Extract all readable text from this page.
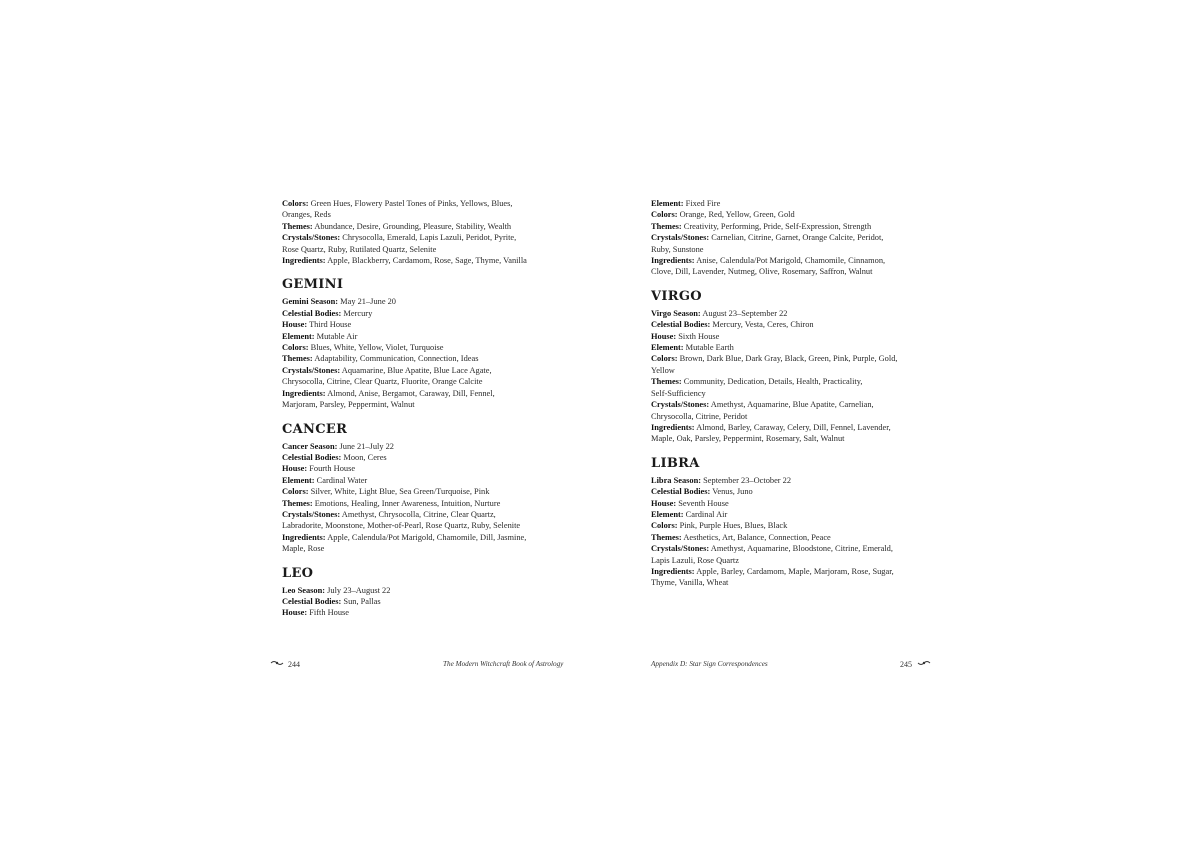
Colors: Green Hues, Flowery Pastel Tones of Pinks, Yellows, Blues,
Oranges, Reds
Themes: Abundance, Desire, Grounding, Pleasure, Stability, Wealth
Crystals/Stones: Chrysocolla, Emerald, Lapis Lazuli, Peridot, Pyrite,
Rose Quartz, Ruby, Rutilated Quartz, Selenite
Ingredients: Apple, Blackberry, Cardamom, Rose, Sage, Thyme, Vanilla
GEMINI
Gemini Season: May 21–June 20
Celestial Bodies: Mercury
House: Third House
Element: Mutable Air
Colors: Blues, White, Yellow, Violet, Turquoise
Themes: Adaptability, Communication, Connection, Ideas
Crystals/Stones: Aquamarine, Blue Apatite, Blue Lace Agate,
Chrysocolla, Citrine, Clear Quartz, Fluorite, Orange Calcite
Ingredients: Almond, Anise, Bergamot, Caraway, Dill, Fennel,
Marjoram, Parsley, Peppermint, Walnut
CANCER
Cancer Season: June 21–July 22
Celestial Bodies: Moon, Ceres
House: Fourth House
Element: Cardinal Water
Colors: Silver, White, Light Blue, Sea Green/Turquoise, Pink
Themes: Emotions, Healing, Inner Awareness, Intuition, Nurture
Crystals/Stones: Amethyst, Chrysocolla, Citrine, Clear Quartz,
Labradorite, Moonstone, Mother-of-Pearl, Rose Quartz, Ruby, Selenite
Ingredients: Apple, Calendula/Pot Marigold, Chamomile, Dill, Jasmine,
Maple, Rose
LEO
Leo Season: July 23–August 22
Celestial Bodies: Sun, Pallas
House: Fifth House
Element: Fixed Fire
Colors: Orange, Red, Yellow, Green, Gold
Themes: Creativity, Performing, Pride, Self-Expression, Strength
Crystals/Stones: Carnelian, Citrine, Garnet, Orange Calcite, Peridot,
Ruby, Sunstone
Ingredients: Anise, Calendula/Pot Marigold, Chamomile, Cinnamon,
Clove, Dill, Lavender, Nutmeg, Olive, Rosemary, Saffron, Walnut
VIRGO
Virgo Season: August 23–September 22
Celestial Bodies: Mercury, Vesta, Ceres, Chiron
House: Sixth House
Element: Mutable Earth
Colors: Brown, Dark Blue, Dark Gray, Black, Green, Pink, Purple, Gold,
Yellow
Themes: Community, Dedication, Details, Health, Practicality,
Self-Sufficiency
Crystals/Stones: Amethyst, Aquamarine, Blue Apatite, Carnelian,
Chrysocolla, Citrine, Peridot
Ingredients: Almond, Barley, Caraway, Celery, Dill, Fennel, Lavender,
Maple, Oak, Parsley, Peppermint, Rosemary, Salt, Walnut
LIBRA
Libra Season: September 23–October 22
Celestial Bodies: Venus, Juno
House: Seventh House
Element: Cardinal Air
Colors: Pink, Purple Hues, Blues, Black
Themes: Aesthetics, Art, Balance, Connection, Peace
Crystals/Stones: Amethyst, Aquamarine, Bloodstone, Citrine, Emerald,
Lapis Lazuli, Rose Quartz
Ingredients: Apple, Barley, Cardamom, Maple, Marjoram, Rose, Sugar,
Thyme, Vanilla, Wheat
244	The Modern Witchcraft Book of Astrology	Appendix D: Star Sign Correspondences	245
